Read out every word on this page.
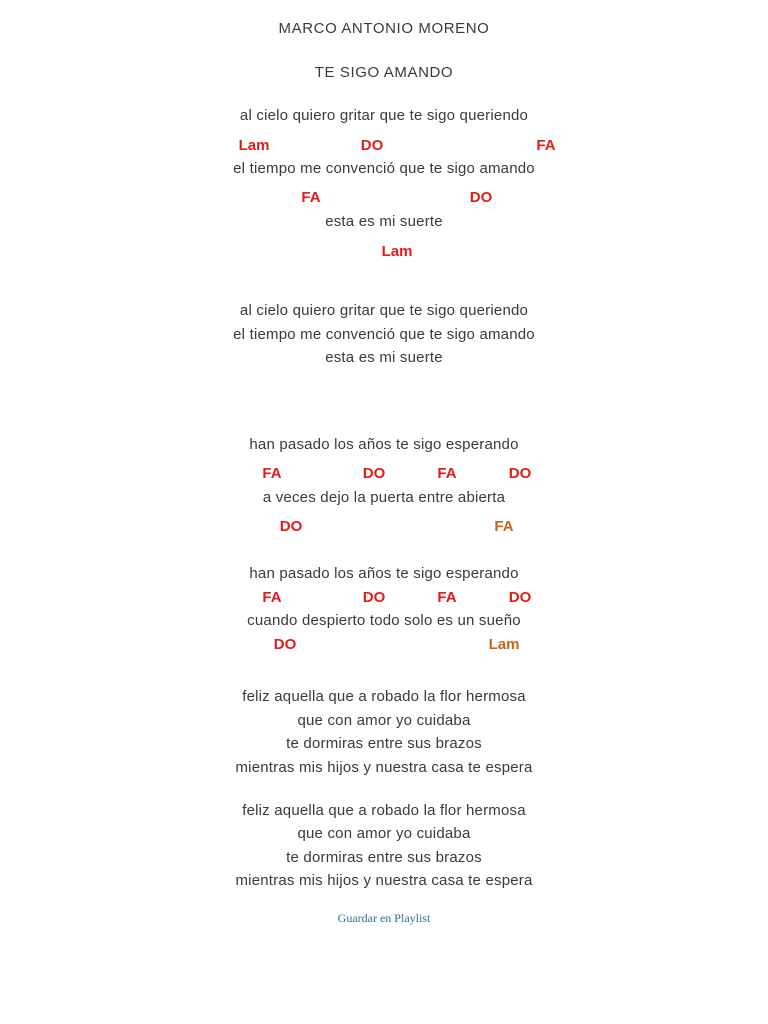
MARCO ANTONIO MORENO
TE SIGO AMANDO
al cielo quiero gritar que te sigo queriendo
Lam	DO	FA
el tiempo me convenció que te sigo amando
FA	DO
esta es mi suerte
Lam
al cielo quiero gritar que te sigo queriendo
el tiempo me convenció que te sigo amando
esta es mi suerte
han pasado los años te sigo esperando
FA	DO	FA	DO
a veces dejo la puerta entre abierta
DO	FA
han pasado los años te sigo esperando
FA	DO	FA	DO
cuando despierto todo solo es un sueño
DO	Lam
feliz aquella que a robado la flor hermosa
que con amor yo cuidaba
te dormiras entre sus brazos
mientras mis hijos y nuestra casa te espera
feliz aquella que a robado la flor hermosa
que con amor yo cuidaba
te dormiras entre sus brazos
mientras mis hijos y nuestra casa te espera
Guardar en Playlist
